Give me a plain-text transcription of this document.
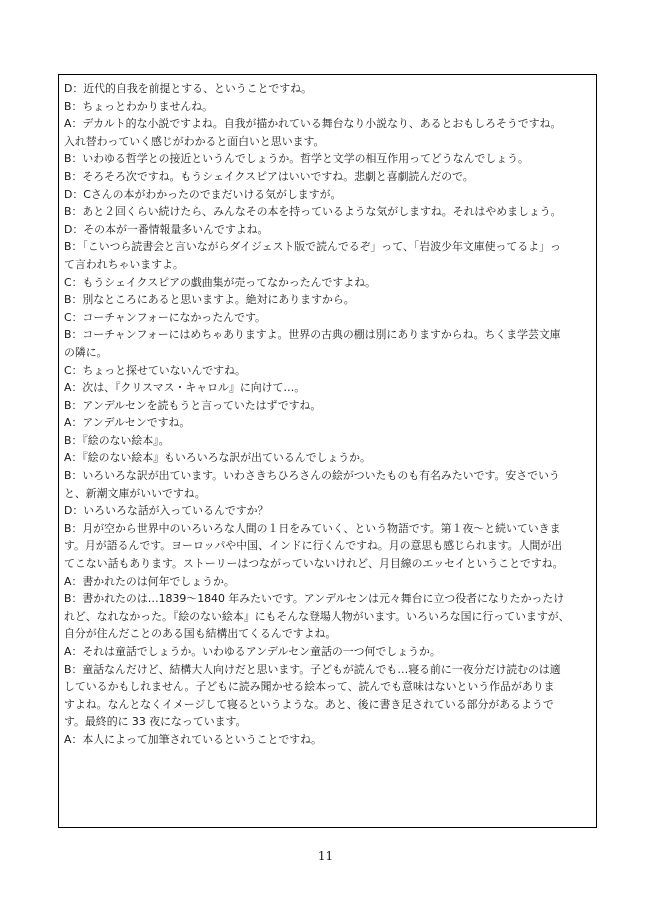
D：近代的自我を前提とする、ということですね。
B：ちょっとわかりませんね。
A：デカルト的な小説ですよね。自我が描かれている舞台なり小説なり、あるとおもしろそうですね。
入れ替わっていく感じがわかると面白いと思います。
B：いわゆる哲学との接近というんでしょうか。哲学と文学の相互作用ってどうなんでしょう。
B：そろそろ次ですね。もうシェイクスピアはいいですね。悲劇と喜劇読んだので。
D：Cさんの本がわかったのでまだいける気がしますが。
B：あと２回くらい続けたら、みんなその本を持っているような気がしますね。それはやめましょう。
D：その本が一番情報量多いんですよね。
B：「こいつら読書会と言いながらダイジェスト版で読んでるぞ」って、「岩波少年文庫使ってるよ」っ
て言われちゃいますよ。
C：もうシェイクスピアの戯曲集が売ってなかったんですよね。
B：別なところにあると思いますよ。絶対にありますから。
C：コーチャンフォーになかったんです。
B：コーチャンフォーにはめちゃありますよ。世界の古典の棚は別にありますからね。ちくま学芸文庫
の隣に。
C：ちょっと探せていないんですね。
A：次は、『クリスマス・キャロル』に向けて…。
B：アンデルセンを読もうと言っていたはずですね。
A：アンデルセンですね。
B：『絵のない絵本』。
A：『絵のない絵本』もいろいろな訳が出ているんでしょうか。
B：いろいろな訳が出ています。いわさきちひろさんの絵がついたものも有名みたいです。安さでいう
と、新潮文庫がいいですね。
D：いろいろな話が入っているんですか？
B：月が空から世界中のいろいろな人間の１日をみていく、という物語です。第１夜〜と続いていきま
す。月が語るんです。ヨーロッパや中国、インドに行くんですね。月の意思も感じられます。人間が出
てこない話もあります。ストーリーはつながっていないけれど、月目線のエッセイということですね。
A：書かれたのは何年でしょうか。
B：書かれたのは…1839〜1840 年みたいです。アンデルセンは元々舞台に立つ役者になりたかったけ
れど、なれなかった。『絵のない絵本』にもそんな登場人物がいます。いろいろな国に行っていますが、
自分が住んだことのある国も結構出てくるんですよね。
A：それは童話でしょうか。いわゆるアンデルセン童話の一つ何でしょうか。
B：童話なんだけど、結構大人向けだと思います。子どもが読んでも…寝る前に一夜分だけ読むのは適
しているかもしれません。子どもに読み聞かせる絵本って、読んでも意味はないという作品がありま
すよね。なんとなくイメージして寝るというような。あと、後に書き足されている部分があるようで
す。最終的に 33 夜になっています。
A：本人によって加筆されているということですね。
11
